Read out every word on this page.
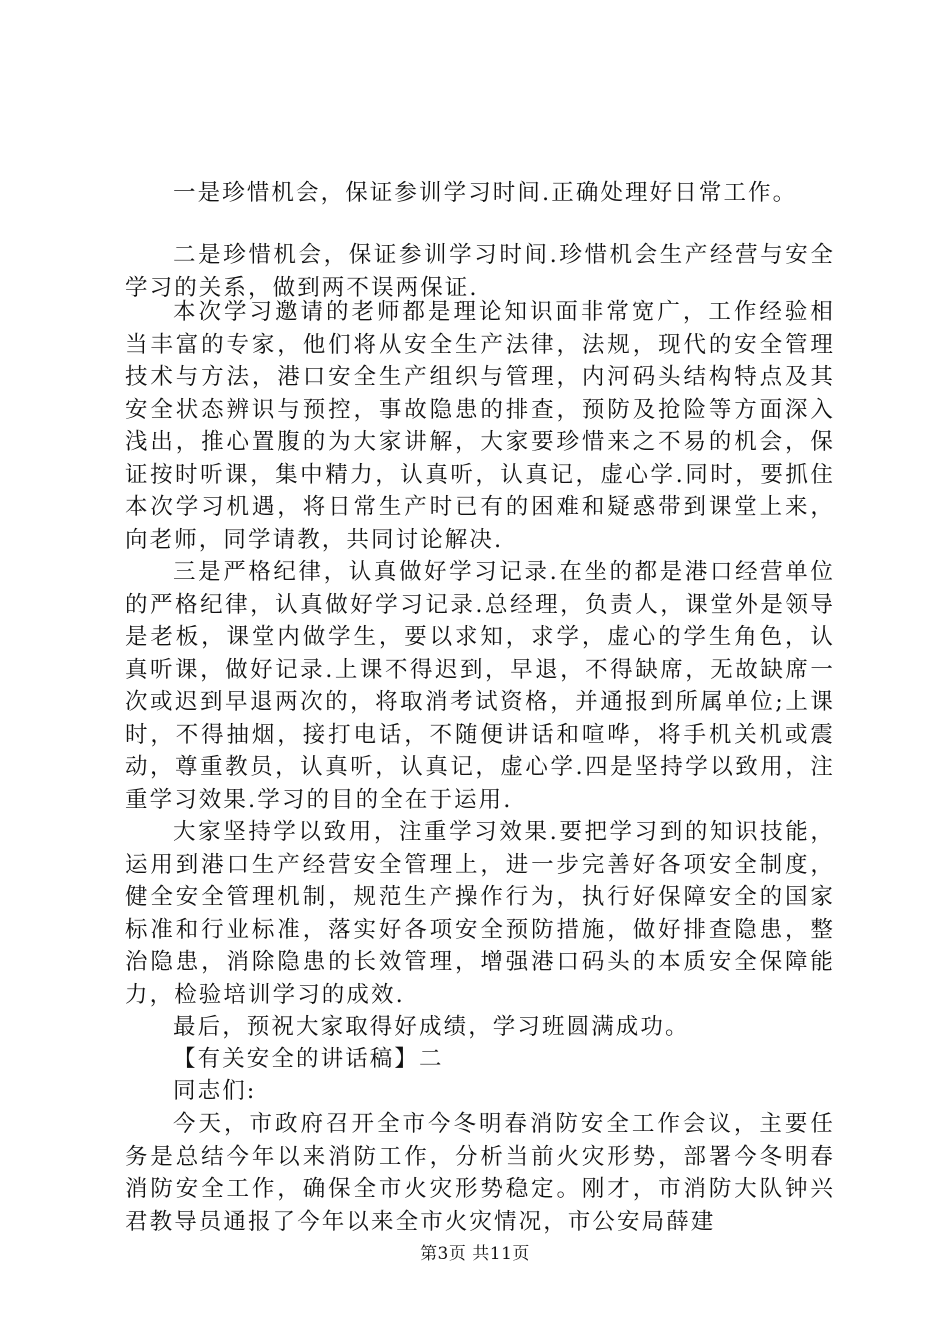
一是珍惜机会，保证参训学习时间.正确处理好日常工作。

二是珍惜机会，保证参训学习时间.珍惜机会生产经营与安全学习的关系，做到两不误两保证.

本次学习邀请的老师都是理论知识面非常宽广，工作经验相当丰富的专家，他们将从安全生产法律，法规，现代的安全管理技术与方法，港口安全生产组织与管理，内河码头结构特点及其安全状态辨识与预控，事故隐患的排查，预防及抢险等方面深入浅出，推心置腹的为大家讲解，大家要珍惜来之不易的机会，保证按时听课，集中精力，认真听，认真记，虚心学.同时，要抓住本次学习机遇，将日常生产时已有的困难和疑惑带到课堂上来，向老师，同学请教，共同讨论解决.

三是严格纪律，认真做好学习记录.在坐的都是港口经营单位的严格纪律，认真做好学习记录.总经理，负责人，课堂外是领导是老板，课堂内做学生，要以求知，求学，虚心的学生角色，认真听课，做好记录.上课不得迟到，早退，不得缺席，无故缺席一次或迟到早退两次的，将取消考试资格，并通报到所属单位;上课时，不得抽烟，接打电话，不随便讲话和喧哗，将手机关机或震动，尊重教员，认真听，认真记，虚心学.四是坚持学以致用，注重学习效果.学习的目的全在于运用.

大家坚持学以致用，注重学习效果.要把学习到的知识技能，运用到港口生产经营安全管理上，进一步完善好各项安全制度，健全安全管理机制，规范生产操作行为，执行好保障安全的国家标准和行业标准，落实好各项安全预防措施，做好排查隐患，整治隐患，消除隐患的长效管理，增强港口码头的本质安全保障能力，检验培训学习的成效.

最后，预祝大家取得好成绩，学习班圆满成功。

【有关安全的讲话稿】二

同志们:

今天，市政府召开全市今冬明春消防安全工作会议，主要任务是总结今年以来消防工作，分析当前火灾形势，部署今冬明春消防安全工作，确保全市火灾形势稳定。刚才，市消防大队钟兴君教导员通报了今年以来全市火灾情况，市公安局薛建

第3页 共11页
